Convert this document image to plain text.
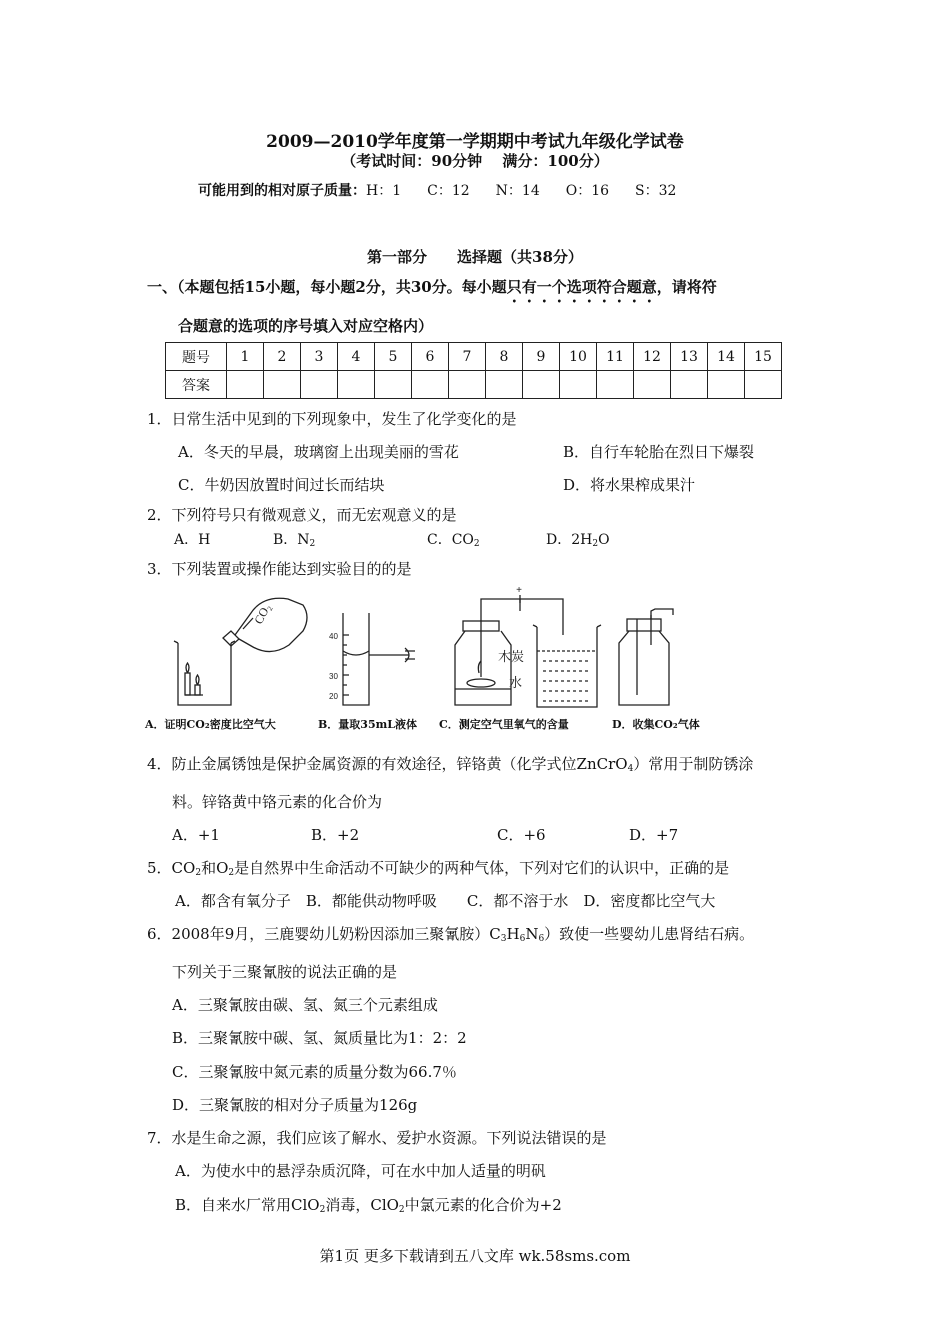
2009—2010学年度第一学期期中考试九年级化学试卷
（考试时间：90分钟　 满分：100分）
可能用到的相对原子质量：H：1 C：12 N：14 O：16 S：32
第一部分　　选择题（共38分）
一、（本题包括15小题，每小题2分，共30分。每小题只有一个选项符合题意，请将符
合题意的选项的序号填入对应空格内）
题号	1	2	3	4	5	6	7	8	9	10	11	12	13	14	15
答案															
1．日常生活中见到的下列现象中，发生了化学变化的是
A．冬天的早晨，玻璃窗上出现美丽的雪花	B．自行车轮胎在烈日下爆裂
C．牛奶因放置时间过长而结块	D．将水果榨成果汁
2．下列符号只有微观意义，而无宏观意义的是
A．H	B．$N_2$	C．$CO_2$	D．$2H_2O$
3．下列装置或操作能达到实验目的的是
+
CO₂
40
30
20
木炭
水
A．证明CO₂密度比空气大	B．量取35mL液体 C．测定空气里氧气的含量	D．收集CO₂气体
4．防止金属锈蚀是保护金属资源的有效途径，锌铬黄（化学式位ZnCrO$_4$）常用于制防锈涂
料。锌铬黄中铬元素的化合价为
A．+1	B．+2	C．+6	D．+7
5．$CO_2$和$O_2$是自然界中生命活动不可缺少的两种气体，下列对它们的认识中，正确的是
A．都含有氧分子　B．都能供动物呼吸　　C．都不溶于水　D．密度都比空气大
6．2008年9月，三鹿婴幼儿奶粉因添加三聚氰胺）$C_3H_6N_6$）致使一些婴幼儿患肾结石病。
下列关于三聚氰胺的说法正确的是
A．三聚氰胺由碳、氢、氮三个元素组成
B．三聚氰胺中碳、氢、氮质量比为1：2：2
C．三聚氰胺中氮元素的质量分数为66.7％
D．三聚氰胺的相对分子质量为126g
7．水是生命之源，我们应该了解水、爱护水资源。下列说法错误的是
A．为使水中的悬浮杂质沉降，可在水中加人适量的明矾
B．自来水厂常用ClO$_2$消毒，ClO$_2$中氯元素的化合价为+2
第1页 更多下载请到五八文库 wk.58sms.com
